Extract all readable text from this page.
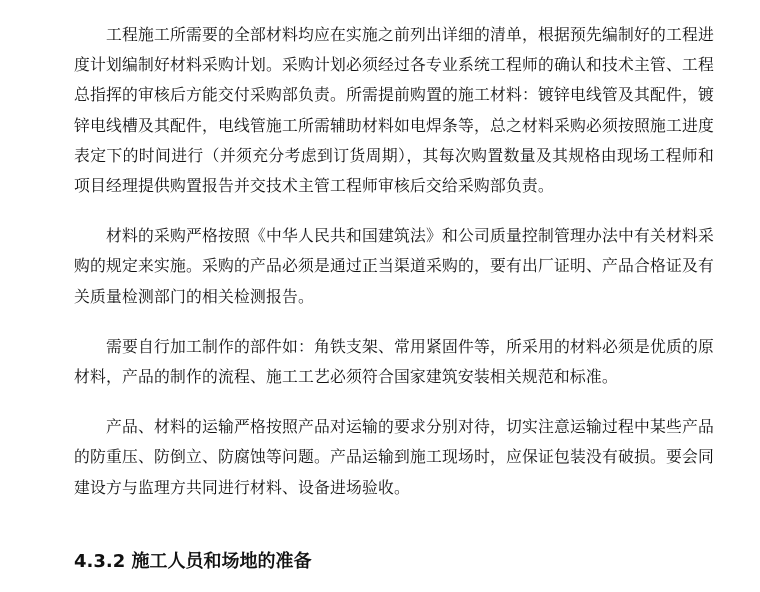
工程施工所需要的全部材料均应在实施之前列出详细的清单，根据预先编制好的工程进度计划编制好材料采购计划。采购计划必须经过各专业系统工程师的确认和技术主管、工程总指挥的审核后方能交付采购部负责。所需提前购置的施工材料：镀锌电线管及其配件，镀锌电线槽及其配件，电线管施工所需辅助材料如电焊条等，总之材料采购必须按照施工进度表定下的时间进行（并须充分考虑到订货周期），其每次购置数量及其规格由现场工程师和项目经理提供购置报告并交技术主管工程师审核后交给采购部负责。

材料的采购严格按照《中华人民共和国建筑法》和公司质量控制管理办法中有关材料采购的规定来实施。采购的产品必须是通过正当渠道采购的，要有出厂证明、产品合格证及有关质量检测部门的相关检测报告。

需要自行加工制作的部件如：角铁支架、常用紧固件等，所采用的材料必须是优质的原材料，产品的制作的流程、施工工艺必须符合国家建筑安装相关规范和标准。

产品、材料的运输严格按照产品对运输的要求分别对待，切实注意运输过程中某些产品的防重压、防倒立、防腐蚀等问题。产品运输到施工现场时，应保证包装没有破损。要会同建设方与监理方共同进行材料、设备进场验收。

4.3.2 施工人员和场地的准备
